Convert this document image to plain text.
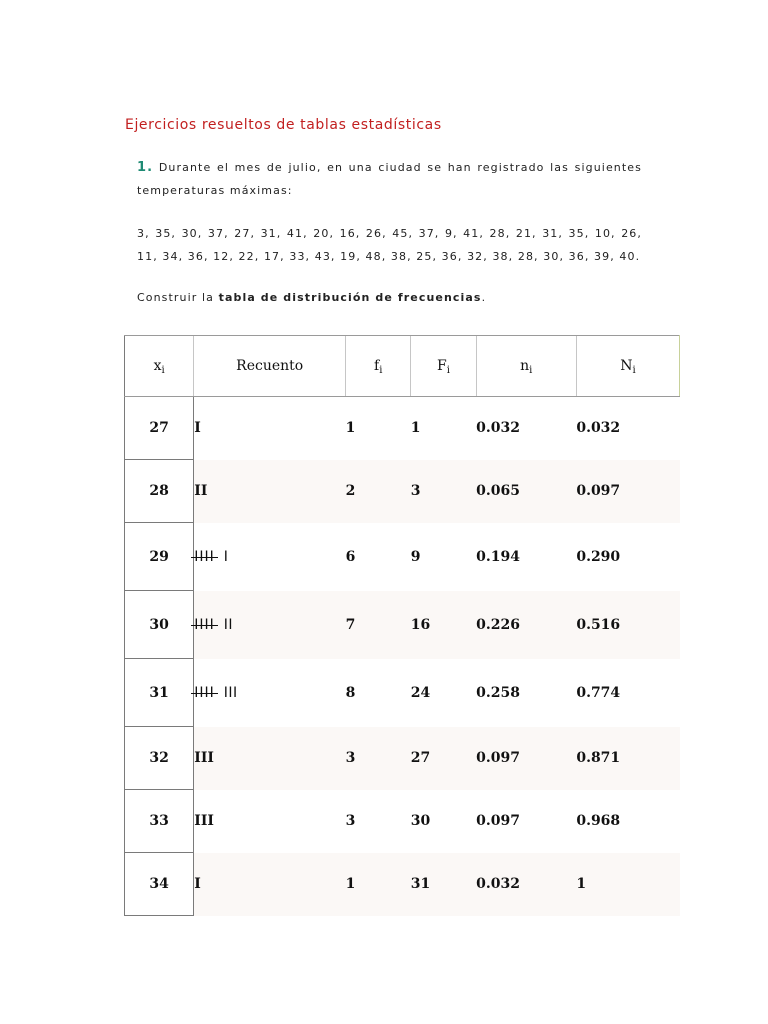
Ejercicios resueltos de tablas estadísticas
1. Durante el mes de julio, en una ciudad se han registrado las siguientes
temperaturas máximas:
3, 35, 30, 37, 27, 31, 41, 20, 16, 26, 45, 37, 9, 41, 28, 21, 31, 35, 10, 26,
11, 34, 36, 12, 22, 17, 33, 43, 19, 48, 38, 25, 36, 32, 38, 28, 30, 36, 39, 40.
Construir la tabla de distribución de frecuencias.
$x_i$	Recuento	$f_i$	$F_i$	$n_i$	$N_i$
27	I	1	1	0.032	0.032
28	II	2	3	0.065	0.097
29	IIII I	6	9	0.194	0.290
30	IIII II	7	16	0.226	0.516
31	IIII III	8	24	0.258	0.774
32	III	3	27	0.097	0.871
33	III	3	30	0.097	0.968
34	I	1	31	0.032	1
